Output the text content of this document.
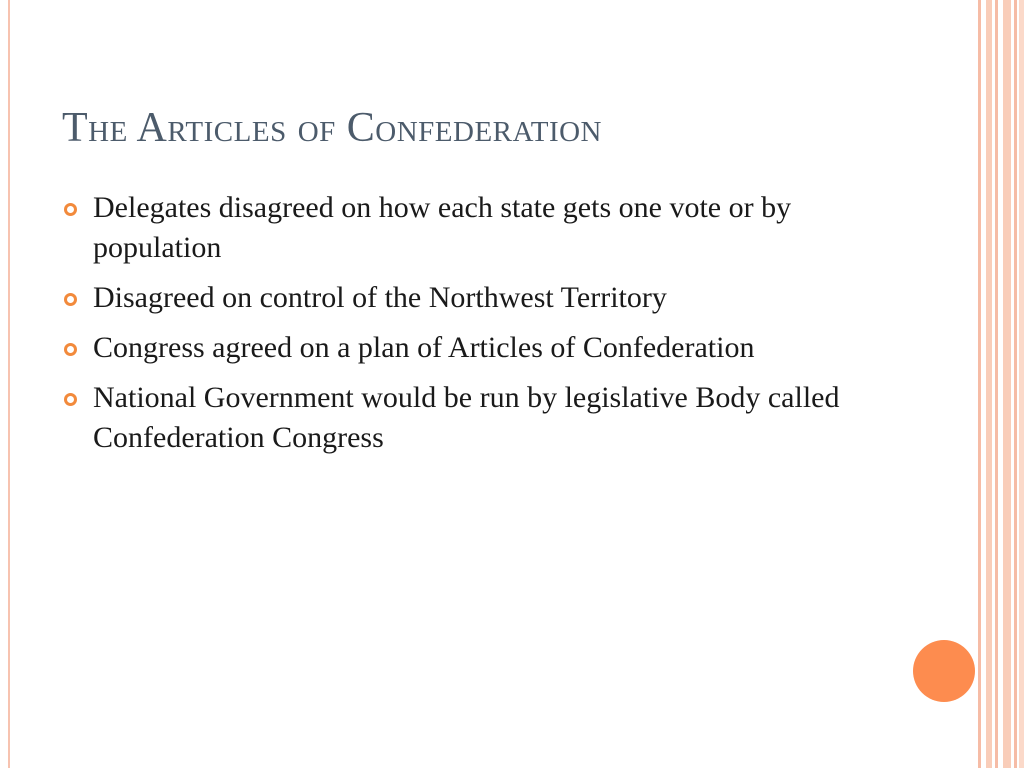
The Articles of Confederation
Delegates disagreed on how each state gets one vote or by population
Disagreed on control of the Northwest Territory
Congress agreed on a plan of Articles of Confederation
National Government would be run by legislative Body called Confederation Congress
